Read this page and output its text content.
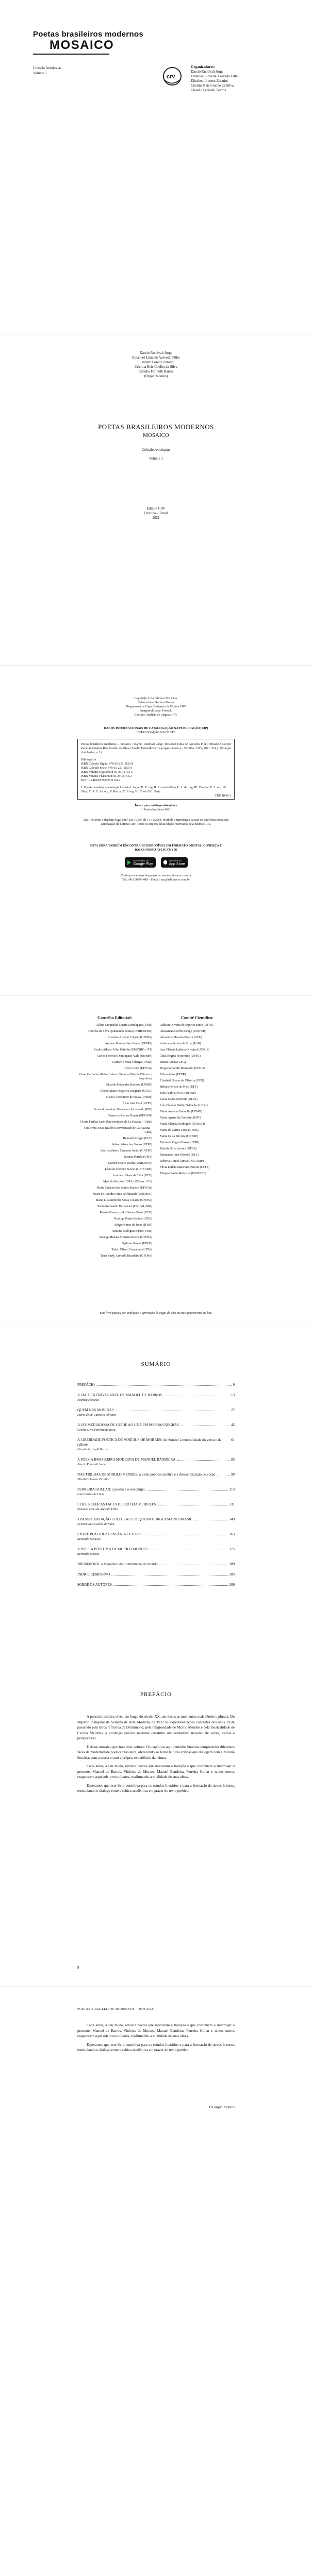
Poetas brasileiros modernos
MOSAICO
Coleção Antologias
Volume 1
crv
Organizadores:
Darcio Rundvalt Jorge
Emanuel Lima de Azevedo Filho
Elizabeth Lorenz Zaratini
Cristina Reis Coelho da Silva
Claudio Farinelli Barros
Darcio Rundvalt Jorge
Emanuel Lima de Azevedo Filho
Elizabeth Lorenz Zaratini
Cristina Reis Coelho da Silva
Claudio Farinelli Barros
(Organizadores)
POETAS BRASILEIROS MODERNOS
MOSAICO
Coleção Antologias
Volume 1
Editora CRV
Curitiba – Brasil
2021
Copyright © da Editora CRV Ltda.
Editor-chefe: Railson Moura
Diagramação e Capa: Designers da Editora CRV
Imagem de capa: Freepik
Revisão: Analista de Línguas CRV
DADOS INTERNACIONAIS DE CATALOGAÇÃO NA PUBLICAÇÃO (CIP)
CATALOGAÇÃO NA FONTE
Poetas brasileiros modernos – mosaico / Darcio Rundvalt Jorge, Emanuel Lima de Azevedo Filho, Elizabeth Lorenz Zaratini, Cristina Reis Coelho da Silva, Claudio Farinelli Barros (organizadores) – Curitiba : CRV, 2021. 214 p. (Coleção Antologias, v. 1)
Bibliografia
ISBN Coleção Digital 978-65-251-1152-8
ISBN Coleção Físico 978-65-251-1155-9
ISBN Volume Digital 978-65-251-1153-5
ISBN Volume Físico 978-65-251-1154-2
DOI 10.24824/978652511154.2
1. Poesia brasileira – antologia literária I. Jorge, D. R. org. II. Azevedo Filho, E. L. de. org. III. Zaratini, E. L. org. IV. Silva, C. R. C. da. org. V. Barros, C. F. org. VI. Título VII. Série.
CDD B869.1
Índice para catálogo sistemático
1. Poesia brasileira 869.1
2021 Foi feito o depósito legal conf. Lei 10.994 de 14/12/2004. Proibida a reprodução parcial ou total desta obra sem autorização da Editora CRV. Todos os direitos desta edição reservados pela Editora CRV.
ESTA OBRA TAMBÉM ENCONTRA-SE DISPONÍVEL EM FORMATO DIGITAL. CONHEÇA E BAIXE NOSSO APLICATIVO!
DISPONÍVEL NO
Google Play
Disponível na
App Store
Conheça os nossos lançamentos: www.editoracrv.com.br
Tel.: (41) 3039-6418 – E-mail: sac@editoracrv.com.br
Conselho Editorial:
Aldira Guimarães Duarte Domínguez (UNB)
Andréia da Silva Quintanilha Sousa (UNIR/UFRN)
Anselmo Alencar Colares (UFOPA)
Antônio Pereira Gaio Júnior (UFRRJ)
Carlos Alberto Vilar Estêvão (UMINHO – PT)
Carlos Federico Dominguez Avila (Unieuro)
Carmen Tereza Velanga (UNIR)
Celso Conti (UFSCar)
Cesar Gerónimo Tello (Univer. Nacional Três de Febrero – Argentina)
Eduardo Fernandes Barbosa (UFMG)
Elione Maria Nogueira Diogenes (UFAL)
Elizeu Clementino de Souza (UNEB)
Élsio José Corá (UFFS)
Fernando Antônio Gonçalves Alcoforado (IPB)
Francisco Carlos Duarte (PUC-PR)
Gloria Fariñas León (Universidade de La Havana – Cuba)
Guillermo Arias Beatón (Universidade de La Havana – Cuba)
Helmuth Krüger (UCP)
Jailson Alves dos Santos (UFRJ)
João Adalberto Campato Junior (UNESP)
Josania Portela (UFPI)
Leonel Severo Rocha (UNISINOS)
Lídia de Oliveira Xavier (UNIEURO)
Lourdes Helena da Silva (UFV)
Marcelo Paixão (UFRJ e UTexas – US)
Maria Cristina dos Santos Bezerra (UFSCar)
Maria de Lourdes Pinto de Almeida (UNOESC)
Maria Lília Imbiriba Sousa Colares (UFOPA)
Paulo Romualdo Hernandes (UNIFAL-MG)
Renato Francisco dos Santos Paula (UFG)
Rodrigo Pratte-Santos (UFES)
Sérgio Nunes de Jesus (IFRO)
Simone Rodrigues Pinto (UNB)
Solange Helena Ximenes-Rocha (UFOPA)
Sydione Santos (UEPG)
Tadeu Oliver Gonçalves (UFPA)
Tania Suely Azevedo Brasileiro (UFOPA)
Comitê Científico:
Adilson Oliveira do Espirito Santo (UFPA)
Alessandra Corrêa Farago (UNIFEB)
Alexandre Macedo Pereira (UFU)
Anderson Pereira da Silva (UnB)
Ana Cláudia Ladeira Oliveira (UFRGS)
Cátia Regina Fioravante (UFSC)
Denise Vieira (UFG)
Diogo Sartorelli Bonzanini (UFGD)
Edison Cruz (UFPR)
Elisabeth Soares de Oliveira (UFG)
Helena Pereira de Melo (UFF)
João Paulo Silva (UNIFESP)
Lucas Lopes Rezende (UFPA)
Luís Cláudio Dallier Saldanha (UERJ)
Maria Antonia Granville (UFMG)
Maria Aparecida Valentim (UFF)
Maria Cláudia Rodrigues (UNIRIO)
Maria do Carmo Faria (UFMG)
Maria Luísa Silveira (UNESP)
Marinete Regina Basso (UFPR)
Rafaela Silva Jacinto (UFES)
Raimundo Luiz Oliveira (UFC)
Roberta Gomes Lima (UNICAMP)
Sílvia Letícia Matievicz Pereira (UFFS)
Thiago Otávio Medeiros (UNIVASF)
Este livro passou por avaliação e aprovação às cegas de dois ou mais pareceristas ad hoc.
SUMÁRIO
PREFÁCIO	9
A FALA EXTRAVAGANTE DE MANOEL DE BARROS	13
Patrícia Fonseca
QUEM NAS MOVIDAS	27
Mário de Sá-Carneiro Oliveira
A VIZ MEDIADORA DE GUÍDE AO UNA EM POESIAS NEGRAS	45
Cecília Silva Ferreira da Rosa
A LIBERDADE POÉTICA DE VINÍCIUS DE MORAES: do 'Soneto' à musicalidade do verso e da rythme
61
Claudio Farinelli Barros
A POESIA BRASILEIRA MODERNA DE MANUEL BANDEIRA	83
Darcio Rundvalt Jorge
NAS TRILHAS DE MURILO MENDES: a visão poético-católica e a dessacralização do corpo	99
Elizabeth Lorenz Zaratini
FERREIRA GULLAR: a poesia e o seu tempo	113
Gian Carlos de Lima
LER E RELER AS FACES DE CECÍLIA MEIRELES	131
Emanuel Lima de Azevedo Filho
TRANSPLANTAÇÃO CULTURAL E PEQUENA BURGUESIA NO BRASIL	149
Cristina Reis Coelho da Silva
ENTRE PLACIDEZ E INSÂNIA OCULOS	163
Bernardo Meneses
A POESIA PÓSTUMA DE MURILO MENDES	175
Bernardo Moraes
DRUMMOND, o lavradeiro de o sentimento do mundo	189
ÍNDICE REMISSIVO	203
SOBRE OS AUTORES	209
PREFÁCIO

A poesia brasileira viveu, ao longo do século XX, um dos seus momentos mais férteis e plurais. Do impacto inaugural da Semana de Arte Moderna de 1922 às experimentações concretas dos anos 1950, passando pela lírica reflexiva de Drummond, pela religiosidade de Murilo Mendes e pela musicalidade de Cecília Meireles, a produção poética nacional construiu um verdadeiro mosaico de vozes, estilos e perspectivas.

É desse mosaico que trata este volume. Os capítulos aqui reunidos buscam compreender diferentes faces da modernidade poética brasileira, oferecendo ao leitor leituras críticas que dialogam com a história literária, com a teoria e com a própria experiência da leitura.

Cada autor, a seu modo, revisita poetas que marcaram a tradição e que continuam a interrogar o presente. Manoel de Barros, Vinícius de Moraes, Manuel Bandeira, Ferreira Gullar e tantos outros reaparecem aqui sob novos olhares, reafirmando a vitalidade de suas obras.

Esperamos que este livro contribua para os estudos literários e para a formação de novos leitores, estimulando o diálogo entre a crítica acadêmica e o prazer do texto poético.

9
POETAS BRASILEIROS MODERNOS – MOSAICO

Cada autor, a seu modo, revisita poetas que marcaram a tradição e que continuam a interrogar o presente. Manoel de Barros, Vinícius de Moraes, Manuel Bandeira, Ferreira Gullar e tantos outros reaparecem aqui sob novos olhares, reafirmando a vitalidade de suas obras.

Esperamos que este livro contribua para os estudos literários e para a formação de novos leitores, estimulando o diálogo entre a crítica acadêmica e o prazer do texto poético.

Os organizadores
